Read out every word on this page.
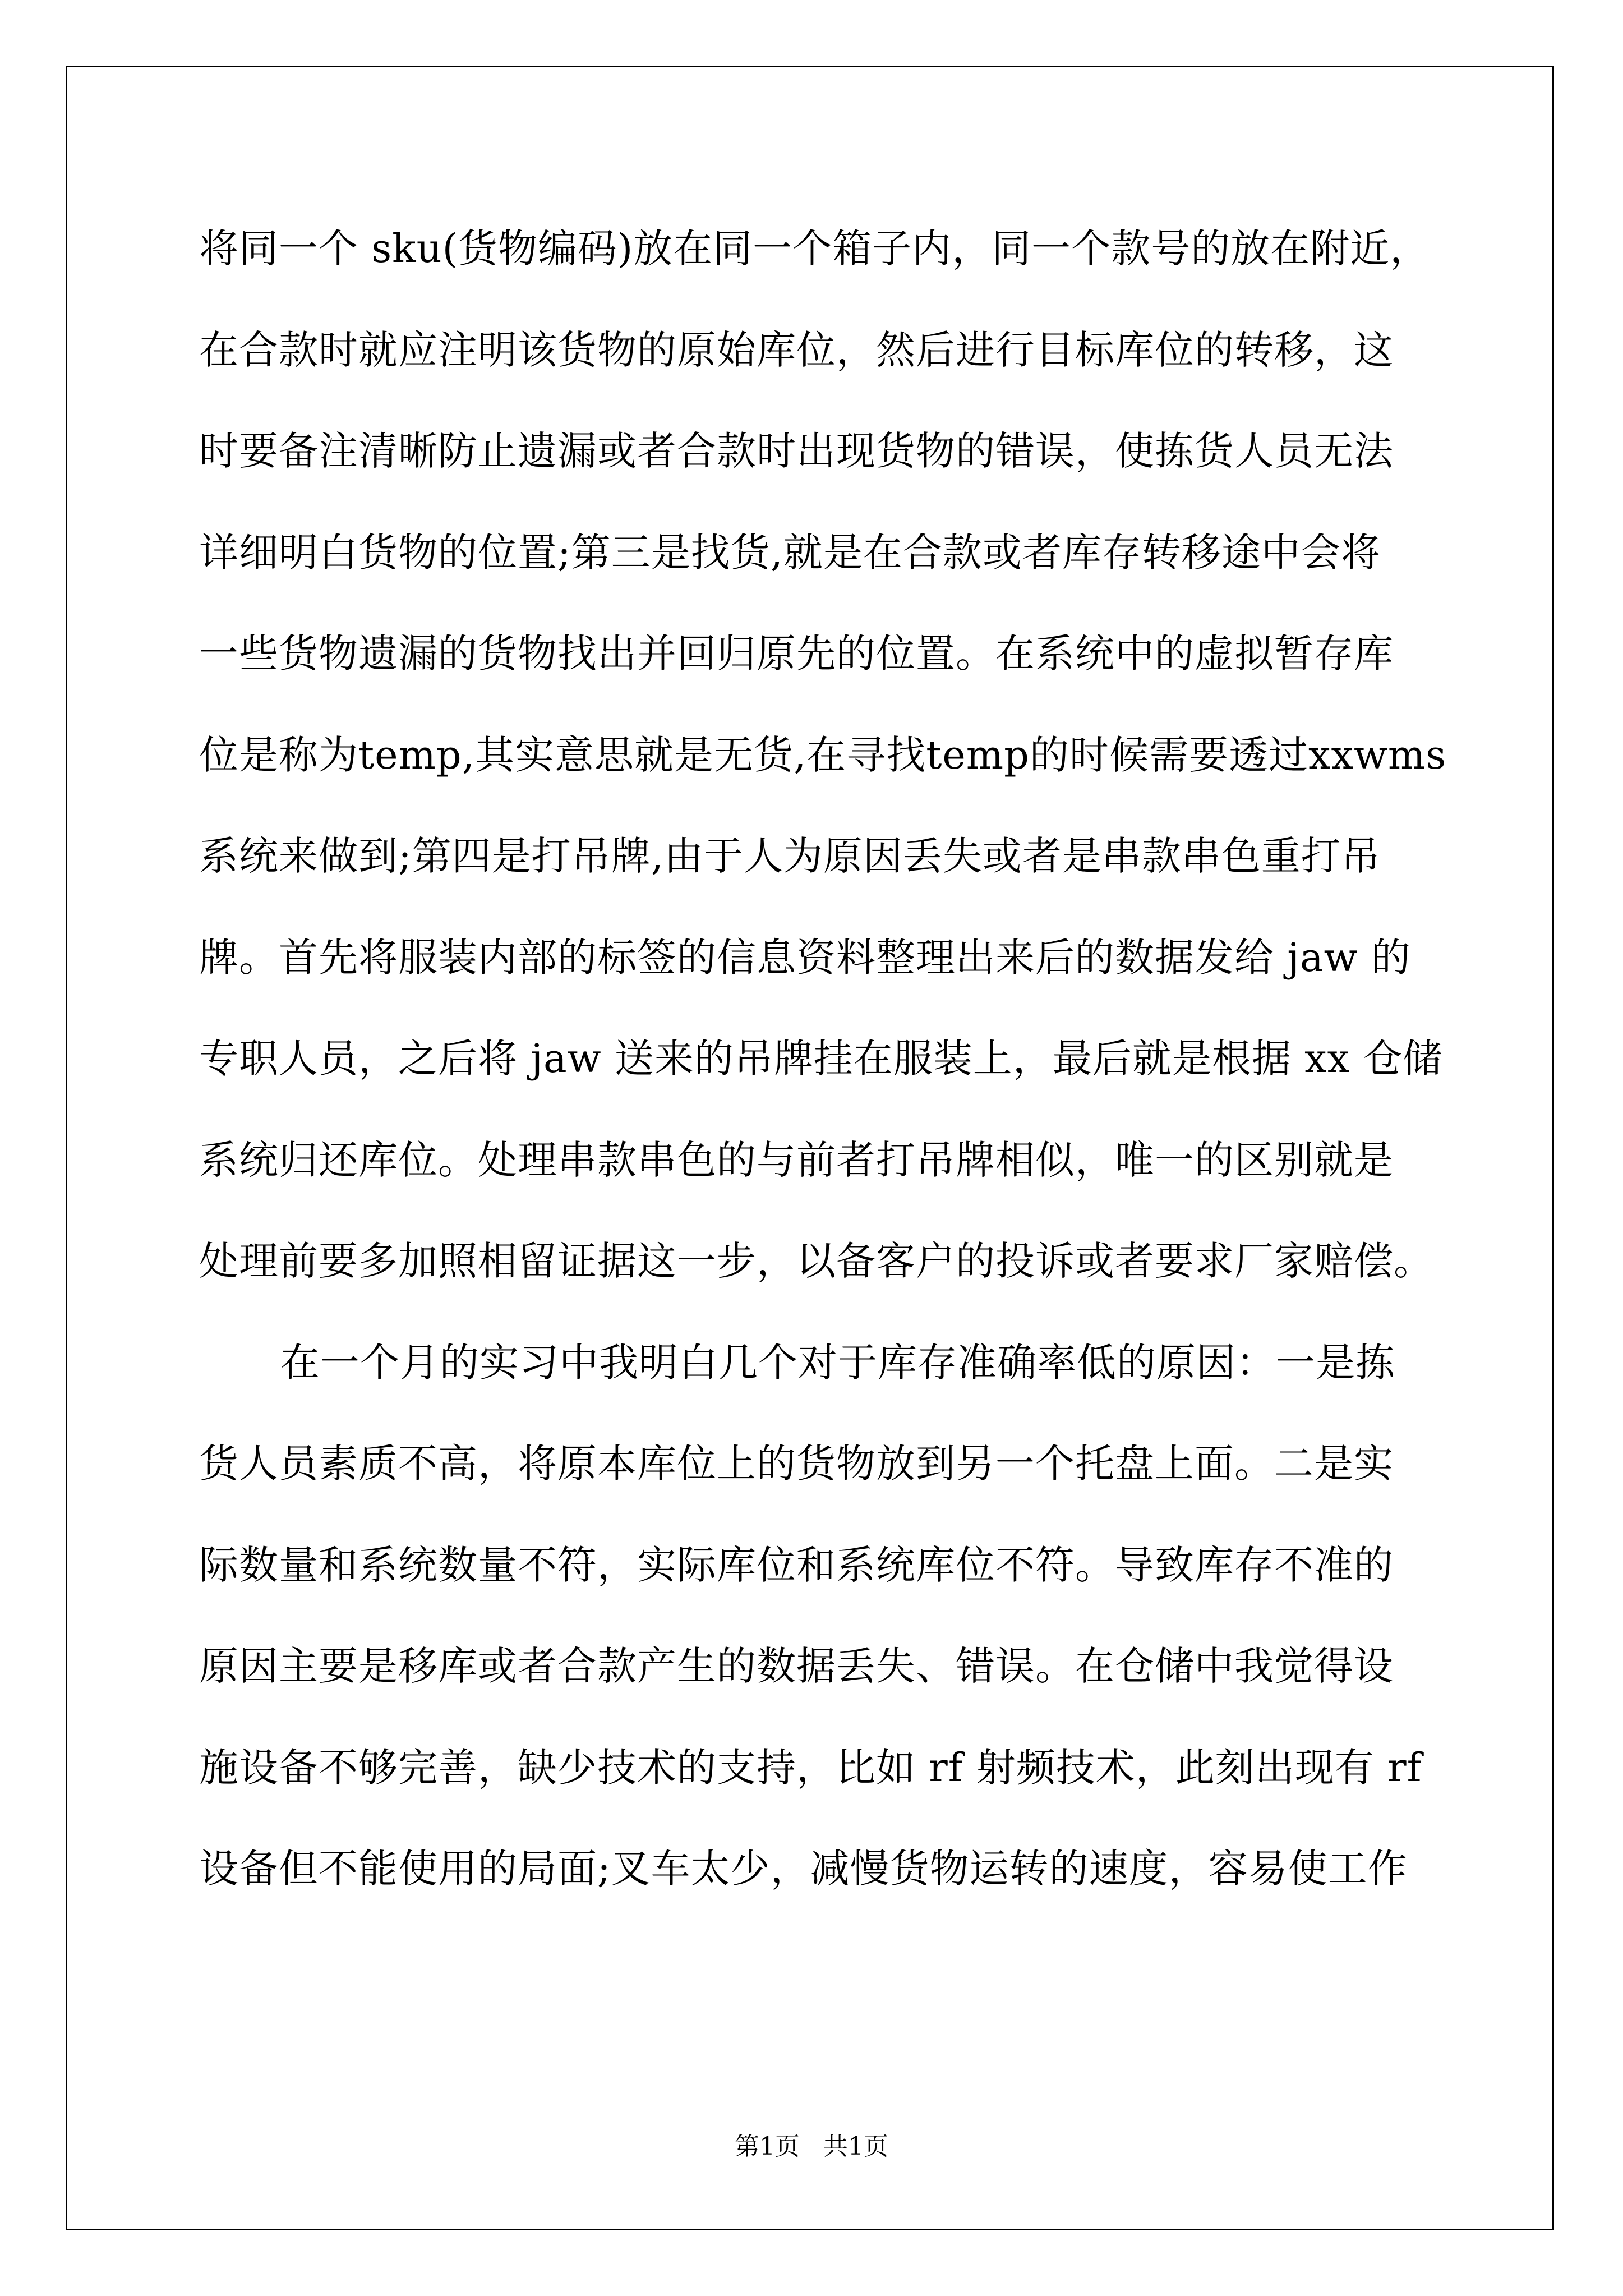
将同一个 sku(货物编码)放在同一个箱子内，同一个款号的放在附近，
在合款时就应注明该货物的原始库位，然后进行目标库位的转移，这
时要备注清晰防止遗漏或者合款时出现货物的错误，使拣货人员无法
详细明白货物的位置;第三是找货,就是在合款或者库存转移途中会将
一些货物遗漏的货物找出并回归原先的位置。在系统中的虚拟暂存库
位是称为temp,其实意思就是无货,在寻找temp的时候需要透过xxwms
系统来做到;第四是打吊牌,由于人为原因丢失或者是串款串色重打吊
牌。首先将服装内部的标签的信息资料整理出来后的数据发给 jaw 的
专职人员，之后将 jaw 送来的吊牌挂在服装上，最后就是根据 xx 仓储
系统归还库位。处理串款串色的与前者打吊牌相似，唯一的区别就是
处理前要多加照相留证据这一步，以备客户的投诉或者要求厂家赔偿。
在一个月的实习中我明白几个对于库存准确率低的原因：一是拣
货人员素质不高，将原本库位上的货物放到另一个托盘上面。二是实
际数量和系统数量不符，实际库位和系统库位不符。导致库存不准的
原因主要是移库或者合款产生的数据丢失、错误。在仓储中我觉得设
施设备不够完善，缺少技术的支持，比如 rf 射频技术，此刻出现有 rf
设备但不能使用的局面;叉车太少，减慢货物运转的速度，容易使工作
第1页   共1页
